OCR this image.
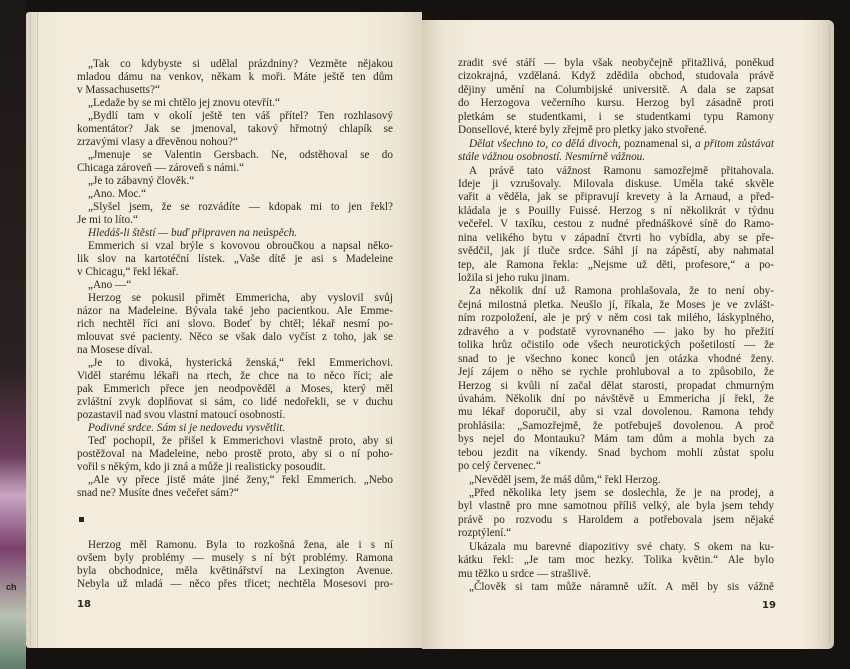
ch
„Tak co kdybyste si udělal prázdniny? Vezměte nějakou
mladou dámu na venkov, někam k moři. Máte ještě ten dům
v Massachusetts?“
„Ledaže by se mi chtělo jej znovu otevřít.“
„Bydlí tam v okolí ještě ten váš přítel? Ten rozhlasový
komentátor? Jak se jmenoval, takový hřmotný chlapík se
zrzavými vlasy a dřevěnou nohou?“
„Jmenuje se Valentin Gersbach. Ne, odstěhoval se do
Chicaga zároveň — zároveň s námi.“
„Je to zábavný člověk.“
„Ano. Moc.“
„Slyšel jsem, že se rozvádíte — kdopak mi to jen řekl?
Je mi to líto.“
Hledáš-li štěstí — buď připraven na neúspěch.
Emmerich si vzal brýle s kovovou obroučkou a napsal něko-
lik slov na kartotéční lístek. „Vaše dítě je asi s Madeleine
v Chicagu,“ řekl lékař.
„Ano —“
Herzog se pokusil přimět Emmericha, aby vyslovil svůj
názor na Madeleine. Bývala také jeho pacientkou. Ale Emme-
rich nechtěl říci ani slovo. Bodeť by chtěl; lékař nesmí po-
mlouvat své pacienty. Něco se však dalo vyčíst z toho, jak se
na Mosese díval.
„Je to divoká, hysterická ženská,“ řekl Emmerichovi.
Viděl starému lékaři na rtech, že chce na to něco říci; ale
pak Emmerich přece jen neodpověděl a Moses, který měl
zvláštní zvyk doplňovat si sám, co lidé nedořekli, se v duchu
pozastavil nad svou vlastní matoucí osobností.
Podivné srdce. Sám si je nedovedu vysvětlit.
Teď pochopil, že přišel k Emmerichovi vlastně proto, aby si
postěžoval na Madeleine, nebo prostě proto, aby si o ní poho-
vořil s někým, kdo ji zná a může ji realisticky posoudit.
„Ale vy přece jistě máte jiné ženy,“ řekl Emmerich. „Nebo
snad ne? Musíte dnes večeřet sám?“
Herzog měl Ramonu. Byla to rozkošná žena, ale i s ní
ovšem byly problémy — musely s ní být problémy. Ramona
byla obchodnice, měla květinářství na Lexington Avenue.
Nebyla už mladá — něco přes třicet; nechtěla Mosesovi pro-
18
zradit své stáří — byla však neobyčejně přitažlivá, poněkud
cizokrajná, vzdělaná. Když zdědila obchod, studovala právě
dějiny umění na Columbijské universitě. A dala se zapsat
do Herzogova večerního kursu. Herzog byl zásadně proti
pletkám se studentkami, i se studentkami typu Ramony
Donsellové, které byly zřejmě pro pletky jako stvořené.
Dělat všechno to, co dělá divoch, poznamenal si, a přitom zůstávat
stále vážnou osobností. Nesmírně vážnou.
A právě tato vážnost Ramonu samozřejmě přitahovala.
Ideje ji vzrušovaly. Milovala diskuse. Uměla také skvěle
vařit a věděla, jak se připravují krevety à la Arnaud, a před-
kládala je s Pouilly Fuissé. Herzog s ní několikrát v týdnu
večeřel. V taxíku, cestou z nudné přednáškové síně do Ramo-
nina velikého bytu v západní čtvrti ho vybídla, aby se pře-
svědčil, jak jí tluče srdce. Sáhl jí na zápěstí, aby nahmatal
tep, ale Ramona řekla: „Nejsme už děti, profesore,“ a po-
ložila si jeho ruku jinam.
Za několik dní už Ramona prohlašovala, že to není oby-
čejná milostná pletka. Neušlo jí, říkala, že Moses je ve zvlášt-
ním rozpoložení, ale je prý v něm cosi tak milého, láskyplného,
zdravého a v podstatě vyrovnaného — jako by ho přežití
tolika hrůz očistilo ode všech neurotických pošetilostí — že
snad to je všechno konec konců jen otázka vhodné ženy.
Její zájem o něho se rychle prohluboval a to způsobilo, že
Herzog si kvůli ní začal dělat starosti, propadat chmurným
úvahám. Několik dní po návštěvě u Emmericha jí řekl, že
mu lékař doporučil, aby si vzal dovolenou. Ramona tehdy
prohlásila: „Samozřejmě, že potřebuješ dovolenou. A proč
bys nejel do Montauku? Mám tam dům a mohla bych za
tebou jezdit na víkendy. Snad bychom mohli zůstat spolu
po celý červenec.“
„Nevěděl jsem, že máš dům,“ řekl Herzog.
„Před několika lety jsem se doslechla, že je na prodej, a
byl vlastně pro mne samotnou příliš velký, ale byla jsem tehdy
právě po rozvodu s Haroldem a potřebovala jsem nějaké
rozptýlení.“
Ukázala mu barevné diapozitivy své chaty. S okem na ku-
kátku řekl: „Je tam moc hezky. Tolika květin.“ Ale bylo
mu těžko u srdce — strašlivě.
„Člověk si tam může náramně užít. A měl by sis vážně
19
